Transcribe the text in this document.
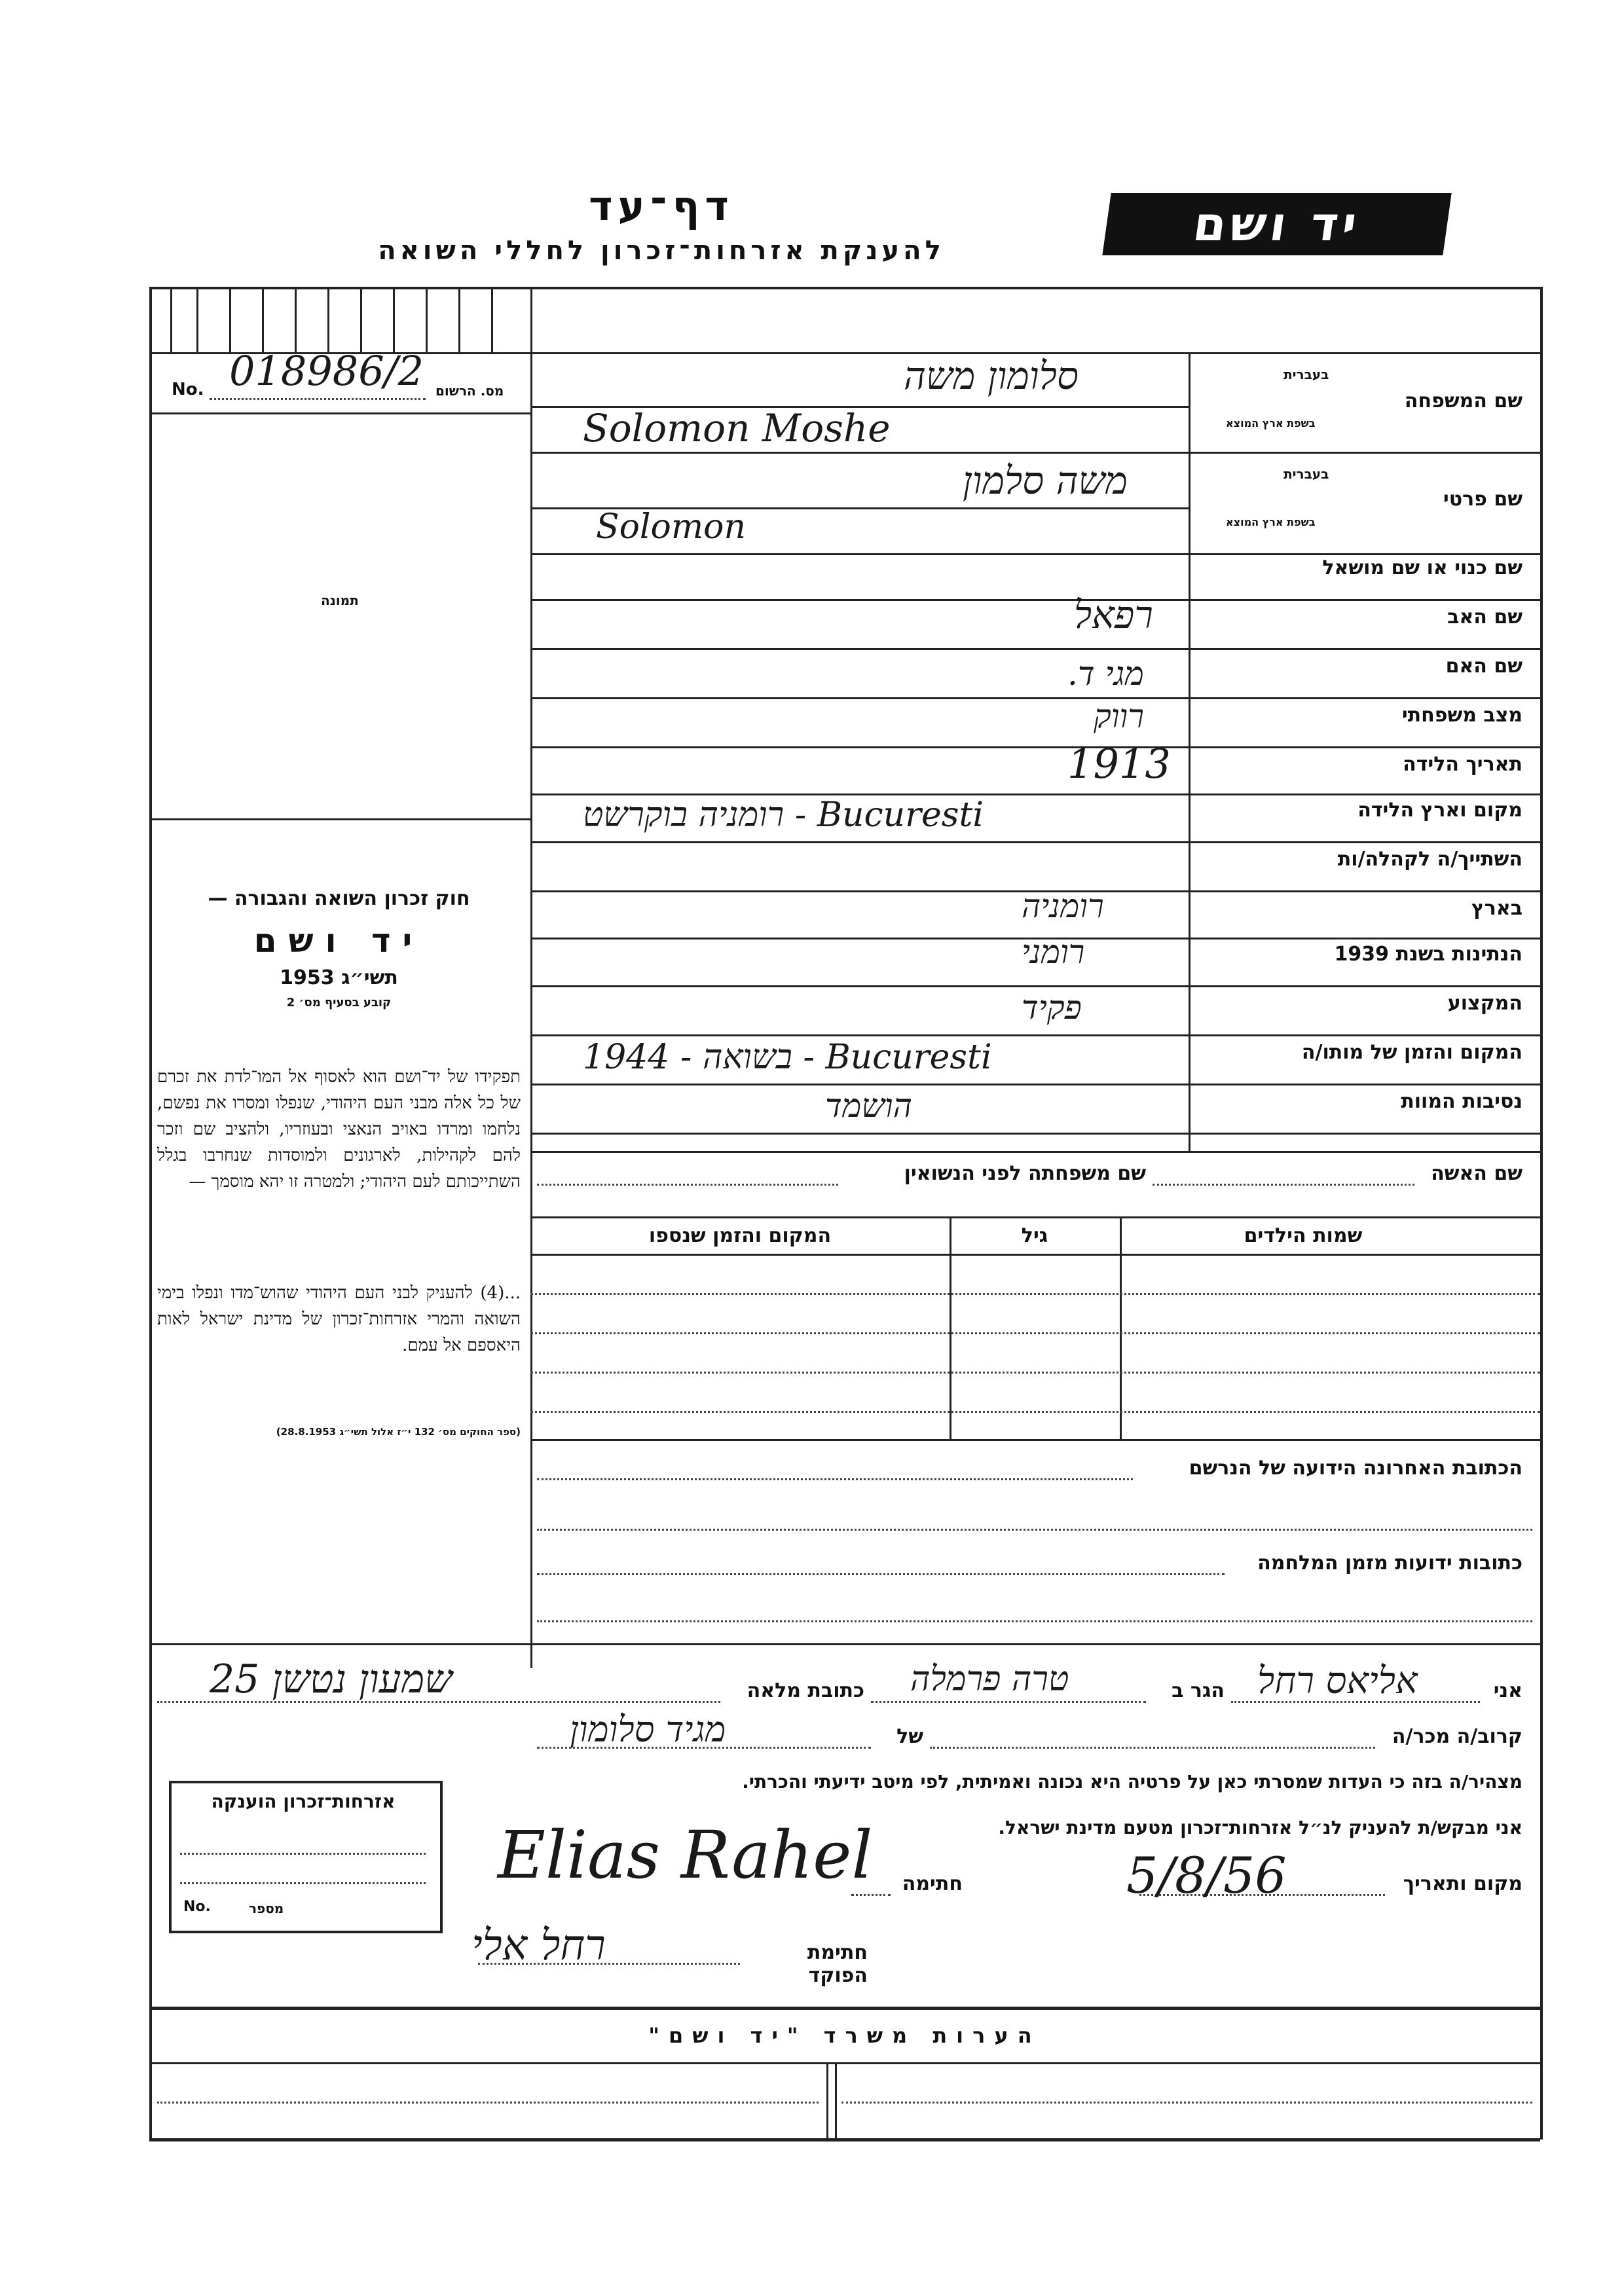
יד ושם
דף־עד
להענקת אזרחות־זכרון לחללי השואה
No. 018986/2 מס. הרשום
תמונה
חוק זכרון השואה והגבורה —
יד ושם
תשי״ג 1953
קובע בסעיף מס׳ 2
תפקידו של יד־ושם הוא לאסוף אל המו־לדת את זכרם של כל אלה מבני העם היהודי, שנפלו ומסרו את נפשם, נלחמו ומרדו באויב הנאצי ובעוזריו, ולהציב שם וזכר להם לקהילות, לארגונים ולמוסדות שנחרבו בגלל השתייכותם לעם היהודי; ולמטרה זו יהא מוסמך —
...(4) להעניק לבני העם היהודי שהוש־מדו ונפלו בימי השואה והמרי אזרחות־זכרון של מדינת ישראל לאות היאספם אל עמם.
(ספר החוקים מס׳ 132 י״ז אלול תשי״ג 28.8.1953)
שם המשפחה
בעברית
בשפת ארץ המוצא
סלומון משה
Solomon Moshe
שם פרטי
בעברית
בשפת ארץ המוצא
משה סלמון
Solomon
שם כנוי או שם מושאל
שם האב
רפאל
שם האם
מגי ד.
מצב משפחתי
רווק
תאריך הלידה
1913
מקום וארץ הלידה
רומניה בוקרשט - Bucuresti
השתייך/ה לקהלה/ות
בארץ
רומניה
הנתינות בשנת 1939
רומני
המקצוע
פקיד
המקום והזמן של מותו/ה
בשואה - 1944 - Bucuresti
נסיבות המוות
הושמד
שם האשה
שם משפחתה לפני הנשואין
שמות הילדים
גיל
המקום והזמן שנספו
הכתובת האחרונה הידועה של הנרשם
כתובות ידועות מזמן המלחמה
אני
אליאס רחל
הגר ב
טרה פרמלה
כתובת מלאה
שמעון נטשן 25
קרוב/ה מכר/ה
של
מגיד סלומון
מצהיר/ה בזה כי העדות שמסרתי כאן על פרטיה היא נכונה ואמיתית, לפי מיטב ידיעתי והכרתי.
אני מבקש/ת להעניק לנ״ל אזרחות־זכרון מטעם מדינת ישראל.
מקום ותאריך
5/8/56
חתימה
Elias Rahel
חתימת הפוקד
רחל אלי
אזרחות־זכרון הוענקה
No.	מספר
הערות משרד "יד ושם"
